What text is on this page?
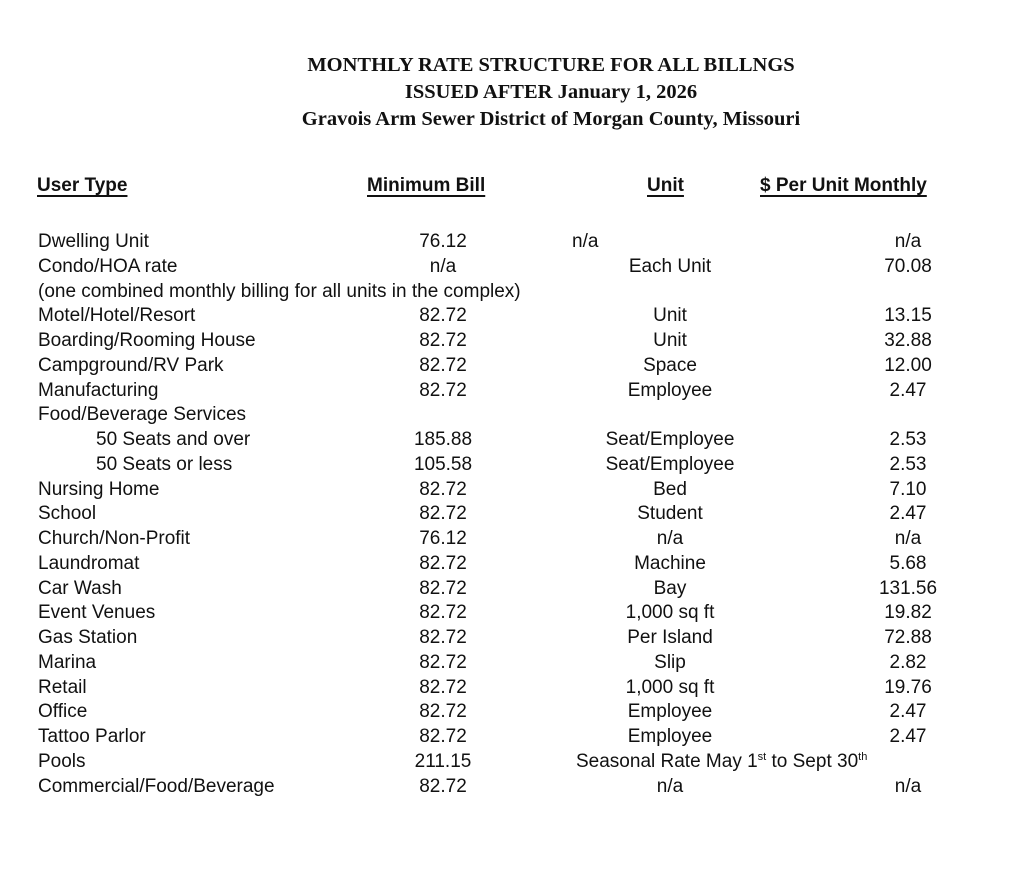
MONTHLY RATE STRUCTURE FOR ALL BILLNGS
ISSUED AFTER January 1, 2026
Gravois Arm Sewer District of Morgan County, Missouri
User Type	Minimum Bill	Unit	$ Per Unit Monthly
Dwelling Unit	76.12	n/a	n/a
Condo/HOA rate	n/a	Each Unit	70.08
(one combined monthly billing for all units in the complex)
Motel/Hotel/Resort	82.72	Unit	13.15
Boarding/Rooming House	82.72	Unit	32.88
Campground/RV Park	82.72	Space	12.00
Manufacturing	82.72	Employee	2.47
Food/Beverage Services
50 Seats and over	185.88	Seat/Employee	2.53
50 Seats or less	105.58	Seat/Employee	2.53
Nursing Home	82.72	Bed	7.10
School	82.72	Student	2.47
Church/Non-Profit	76.12	n/a	n/a
Laundromat	82.72	Machine	5.68
Car Wash	82.72	Bay	131.56
Event Venues	82.72	1,000 sq ft	19.82
Gas Station	82.72	Per Island	72.88
Marina	82.72	Slip	2.82
Retail	82.72	1,000 sq ft	19.76
Office	82.72	Employee	2.47
Tattoo Parlor	82.72	Employee	2.47
Pools	211.15	Seasonal Rate May 1st to Sept 30th
Commercial/Food/Beverage	82.72	n/a	n/a
